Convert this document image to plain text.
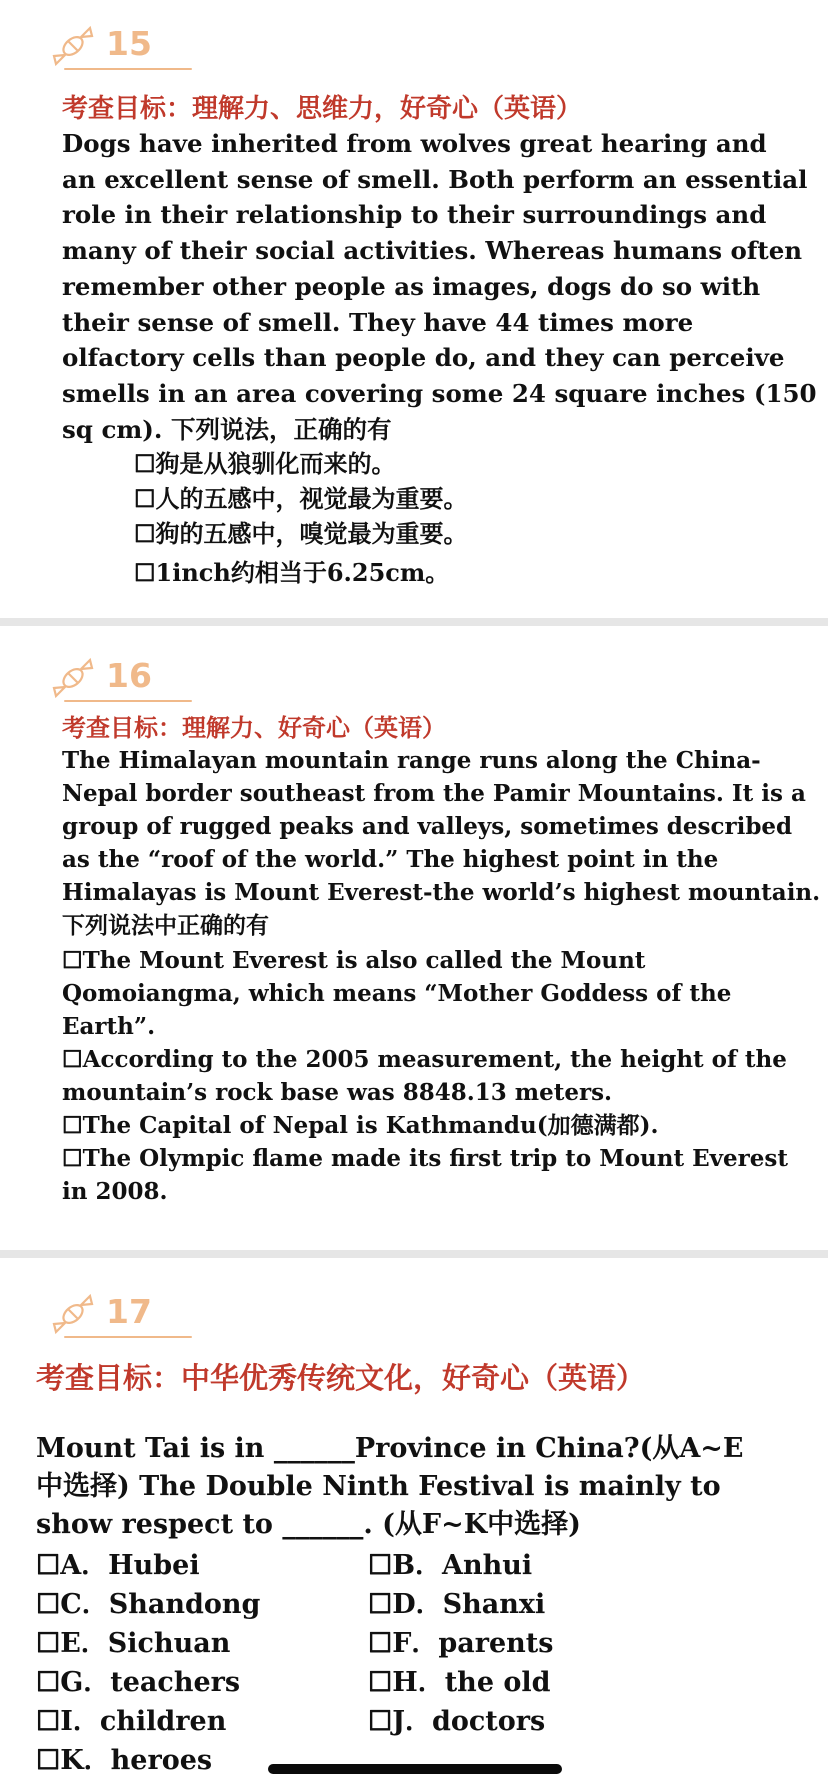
15
考查目标：理解力、思维力，好奇心（英语）
Dogs have inherited from wolves great hearing and
an excellent sense of smell. Both perform an essential
role in their relationship to their surroundings and
many of their social activities. Whereas humans often
remember other people as images, dogs do so with
their sense of smell. They have 44 times more
olfactory cells than people do, and they can perceive
smells in an area covering some 24 square inches (150
sq cm). 下列说法，正确的有
☐狗是从狼驯化而来的。
☐人的五感中，视觉最为重要。
☐狗的五感中，嗅觉最为重要。
☐1inch约相当于6.25cm。
16
考查目标：理解力、好奇心（英语）
The Himalayan mountain range runs along the China-
Nepal border southeast from the Pamir Mountains. It is a
group of rugged peaks and valleys, sometimes described
as the “roof of the world.” The highest point in the
Himalayas is Mount Everest-the world’s highest mountain.
下列说法中正确的有
☐The Mount Everest is also called the Mount
Qomoiangma, which means “Mother Goddess of the
Earth”.
☐According to the 2005 measurement, the height of the
mountain’s rock base was 8848.13 meters.
☐The Capital of Nepal is Kathmandu(加德满都).
☐The Olympic flame made its first trip to Mount Everest
in 2008.
17
考查目标：中华优秀传统文化，好奇心（英语）
Mount Tai is in ______Province in China?(从A~E
中选择) The Double Ninth Festival is mainly to
show respect to ______. (从F~K中选择)
☐A．Hubei	☐B．Anhui
☐C．Shandong	☐D．Shanxi
☐E．Sichuan	☐F．parents
☐G．teachers	☐H．the old
☐I．children	☐J．doctors
☐K．heroes
